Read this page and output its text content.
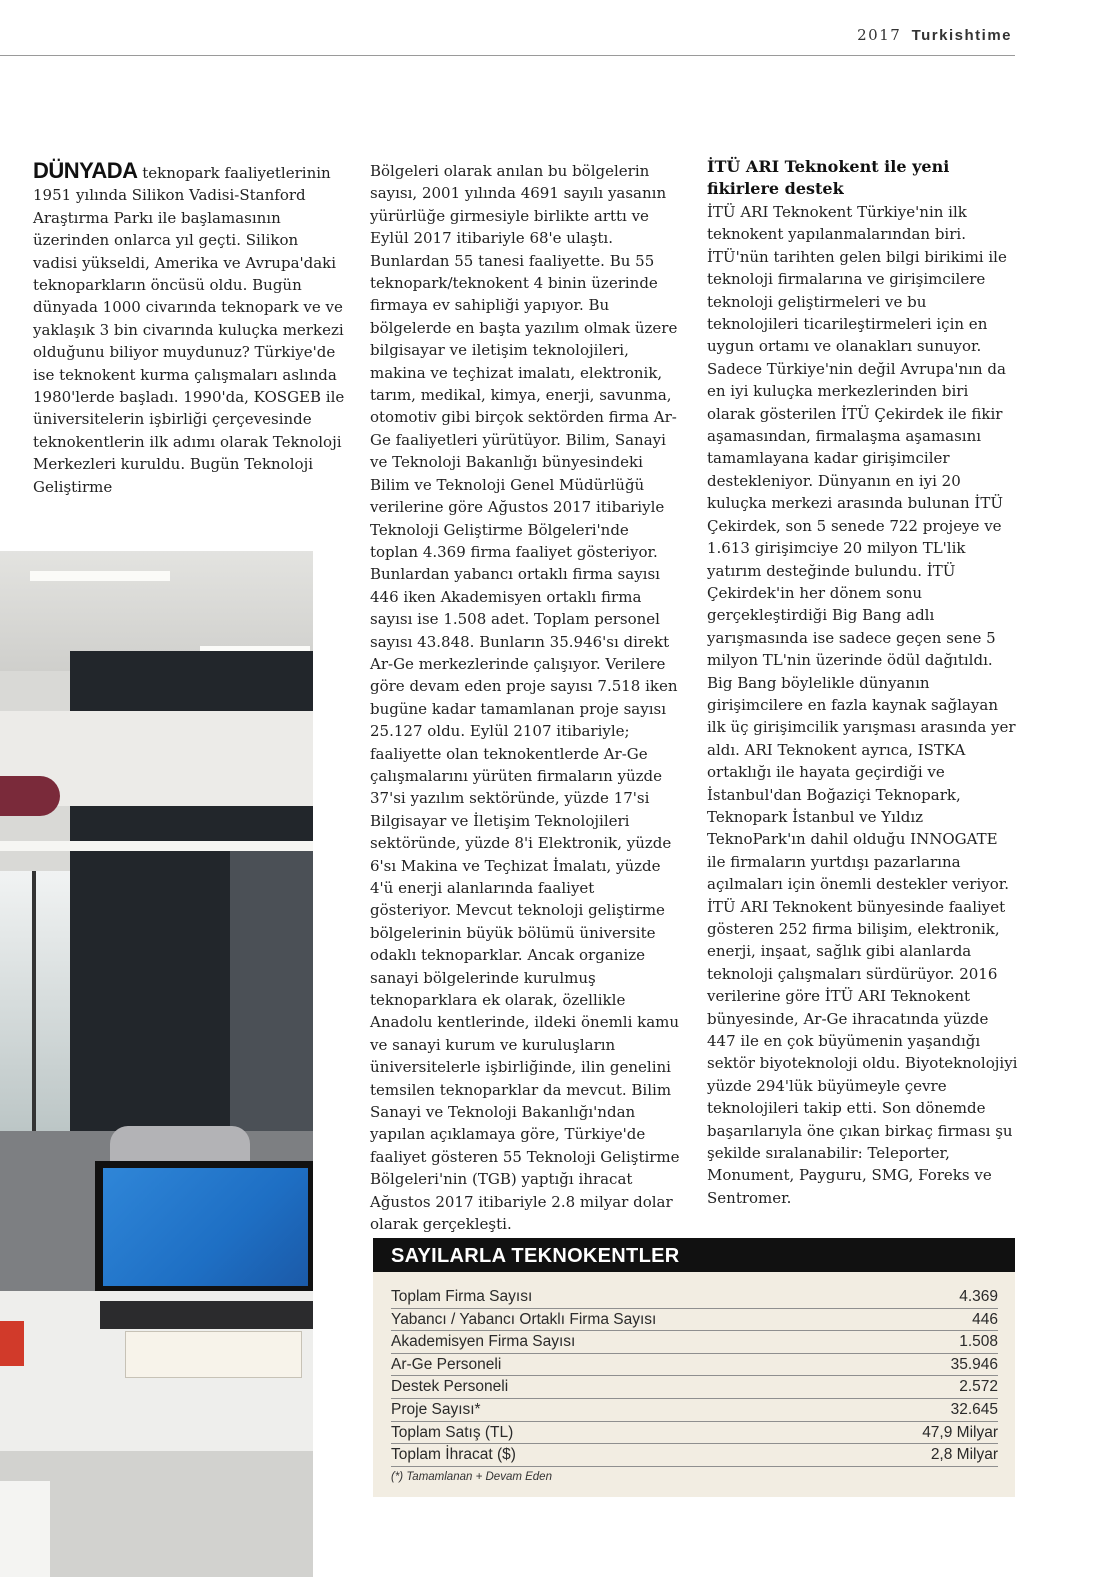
2017 Turkishtime

DÜNYADA teknopark faaliyetlerinin 1951 yılında Silikon Vadisi-Stanford Araştırma Parkı ile başlamasının üzerinden onlarca yıl geçti. Silikon vadisi yükseldi, Amerika ve Avrupa'daki teknoparkların öncüsü oldu. Bugün dünyada 1000 civarında teknopark ve ve yaklaşık 3 bin civarında kuluçka merkezi olduğunu biliyor muydunuz? Türkiye'de ise teknokent kurma çalışmaları aslında 1980'lerde başladı. 1990'da, KOSGEB ile üniversitelerin işbirliği çerçevesinde teknokentlerin ilk adımı olarak Teknoloji Merkezleri kuruldu. Bugün Teknoloji Geliştirme

Bölgeleri olarak anılan bu bölgelerin sayısı, 2001 yılında 4691 sayılı yasanın yürürlüğe girmesiyle birlikte arttı ve Eylül 2017 itibariyle 68'e ulaştı. Bunlardan 55 tanesi faaliyette. Bu 55 teknopark/teknokent 4 binin üzerinde firmaya ev sahipliği yapıyor. Bu bölgelerde en başta yazılım olmak üzere bilgisayar ve iletişim teknolojileri, makina ve teçhizat imalatı, elektronik, tarım, medikal, kimya, enerji, savunma, otomotiv gibi birçok sektörden firma Ar-Ge faaliyetleri yürütüyor. Bilim, Sanayi ve Teknoloji Bakanlığı bünyesindeki Bilim ve Teknoloji Genel Müdürlüğü verilerine göre Ağustos 2017 itibariyle Teknoloji Geliştirme Bölgeleri'nde toplan 4.369 firma faaliyet gösteriyor. Bunlardan yabancı ortaklı firma sayısı 446 iken Akademisyen ortaklı firma sayısı ise 1.508 adet. Toplam personel sayısı 43.848. Bunların 35.946'sı direkt Ar-Ge merkezlerinde çalışıyor. Verilere göre devam eden proje sayısı 7.518 iken bugüne kadar tamamlanan proje sayısı 25.127 oldu. Eylül 2107 itibariyle; faaliyette olan teknokentlerde Ar-Ge çalışmalarını yürüten firmaların yüzde 37'si yazılım sektöründe, yüzde 17'si Bilgisayar ve İletişim Teknolojileri sektöründe, yüzde 8'i Elektronik, yüzde 6'sı Makina ve Teçhizat İmalatı, yüzde 4'ü enerji alanlarında faaliyet gösteriyor. Mevcut teknoloji geliştirme bölgelerinin büyük bölümü üniversite odaklı teknoparklar. Ancak organize sanayi bölgelerinde kurulmuş teknoparklara ek olarak, özellikle Anadolu kentlerinde, ildeki önemli kamu ve sanayi kurum ve kuruluşların üniversitelerle işbirliğinde, ilin genelini temsilen teknoparklar da mevcut. Bilim Sanayi ve Teknoloji Bakanlığı'ndan yapılan açıklamaya göre, Türkiye'de faaliyet gösteren 55 Teknoloji Geliştirme Bölgeleri'nin (TGB) yaptığı ihracat Ağustos 2017 itibariyle 2.8 milyar dolar olarak gerçekleşti.

İTÜ ARI Teknokent ile yeni fikirlere destek

İTÜ ARI Teknokent Türkiye'nin ilk teknokent yapılanmalarından biri. İTÜ'nün tarihten gelen bilgi birikimi ile teknoloji firmalarına ve girişimcilere teknoloji geliştirmeleri ve bu teknolojileri ticarileştirmeleri için en uygun ortamı ve olanakları sunuyor. Sadece Türkiye'nin değil Avrupa'nın da en iyi kuluçka merkezlerinden biri olarak gösterilen İTÜ Çekirdek ile fikir aşamasından, firmalaşma aşamasını tamamlayana kadar girişimciler destekleniyor. Dünyanın en iyi 20 kuluçka merkezi arasında bulunan İTÜ Çekirdek, son 5 senede 722 projeye ve 1.613 girişimciye 20 milyon TL'lik yatırım desteğinde bulundu. İTÜ Çekirdek'in her dönem sonu gerçekleştirdiği Big Bang adlı yarışmasında ise sadece geçen sene 5 milyon TL'nin üzerinde ödül dağıtıldı. Big Bang böylelikle dünyanın girişimcilere en fazla kaynak sağlayan ilk üç girişimcilik yarışması arasında yer aldı. ARI Teknokent ayrıca, ISTKA ortaklığı ile hayata geçirdiği ve İstanbul'dan Boğaziçi Teknopark, Teknopark İstanbul ve Yıldız TeknoPark'ın dahil olduğu INNOGATE ile firmaların yurtdışı pazarlarına açılmaları için önemli destekler veriyor. İTÜ ARI Teknokent bünyesinde faaliyet gösteren 252 firma bilişim, elektronik, enerji, inşaat, sağlık gibi alanlarda teknoloji çalışmaları sürdürüyor. 2016 verilerine göre İTÜ ARI Teknokent bünyesinde, Ar-Ge ihracatında yüzde 447 ile en çok büyümenin yaşandığı sektör biyoteknoloji oldu. Biyoteknolojiyi yüzde 294'lük büyümeyle çevre teknolojileri takip etti. Son dönemde başarılarıyla öne çıkan birkaç firması şu şekilde sıralanabilir: Teleporter, Monument, Payguru, SMG, Foreks ve Sentromer.

SAYILARLA TEKNOKENTLER
Toplam Firma Sayısı	4.369
Yabancı / Yabancı Ortaklı Firma Sayısı	446
Akademisyen Firma Sayısı	1.508
Ar-Ge Personeli	35.946
Destek Personeli	2.572
Proje Sayısı*	32.645
Toplam Satış (TL)	47,9 Milyar
Toplam İhracat ($)	2,8 Milyar
(*) Tamamlanan + Devam Eden
